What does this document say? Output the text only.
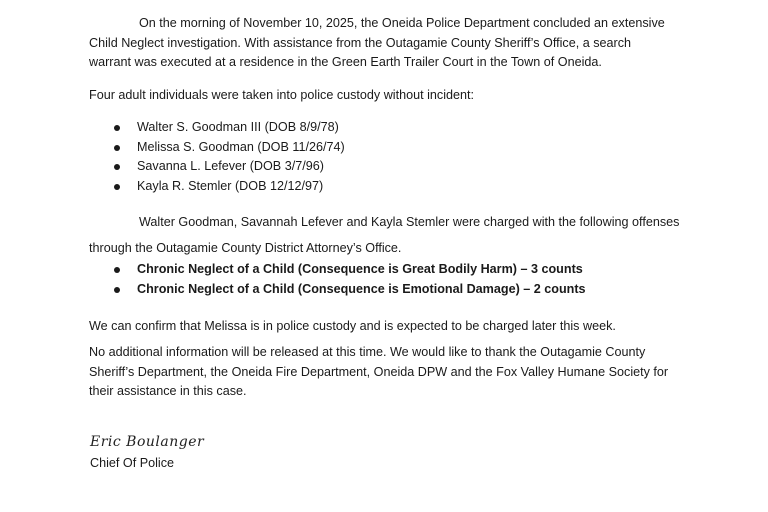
On the morning of November 10, 2025, the Oneida Police Department concluded an extensive
Child Neglect investigation. With assistance from the Outagamie County Sheriff’s Office, a search
warrant was executed at a residence in the Green Earth Trailer Court in the Town of Oneida.
Four adult individuals were taken into police custody without incident:
Walter S. Goodman III (DOB 8/9/78)
Melissa S. Goodman (DOB 11/26/74)
Savanna L. Lefever (DOB 3/7/96)
Kayla R. Stemler (DOB 12/12/97)
Walter Goodman, Savannah Lefever and Kayla Stemler were charged with the following offenses
through the Outagamie County District Attorney’s Office.
Chronic Neglect of a Child (Consequence is Great Bodily Harm) – 3 counts
Chronic Neglect of a Child (Consequence is Emotional Damage) – 2 counts
We can confirm that Melissa is in police custody and is expected to be charged later this week.
No additional information will be released at this time. We would like to thank the Outagamie County
Sheriff’s Department, the Oneida Fire Department, Oneida DPW and the Fox Valley Humane Society for
their assistance in this case.
Eric Boulanger
Chief Of Police
